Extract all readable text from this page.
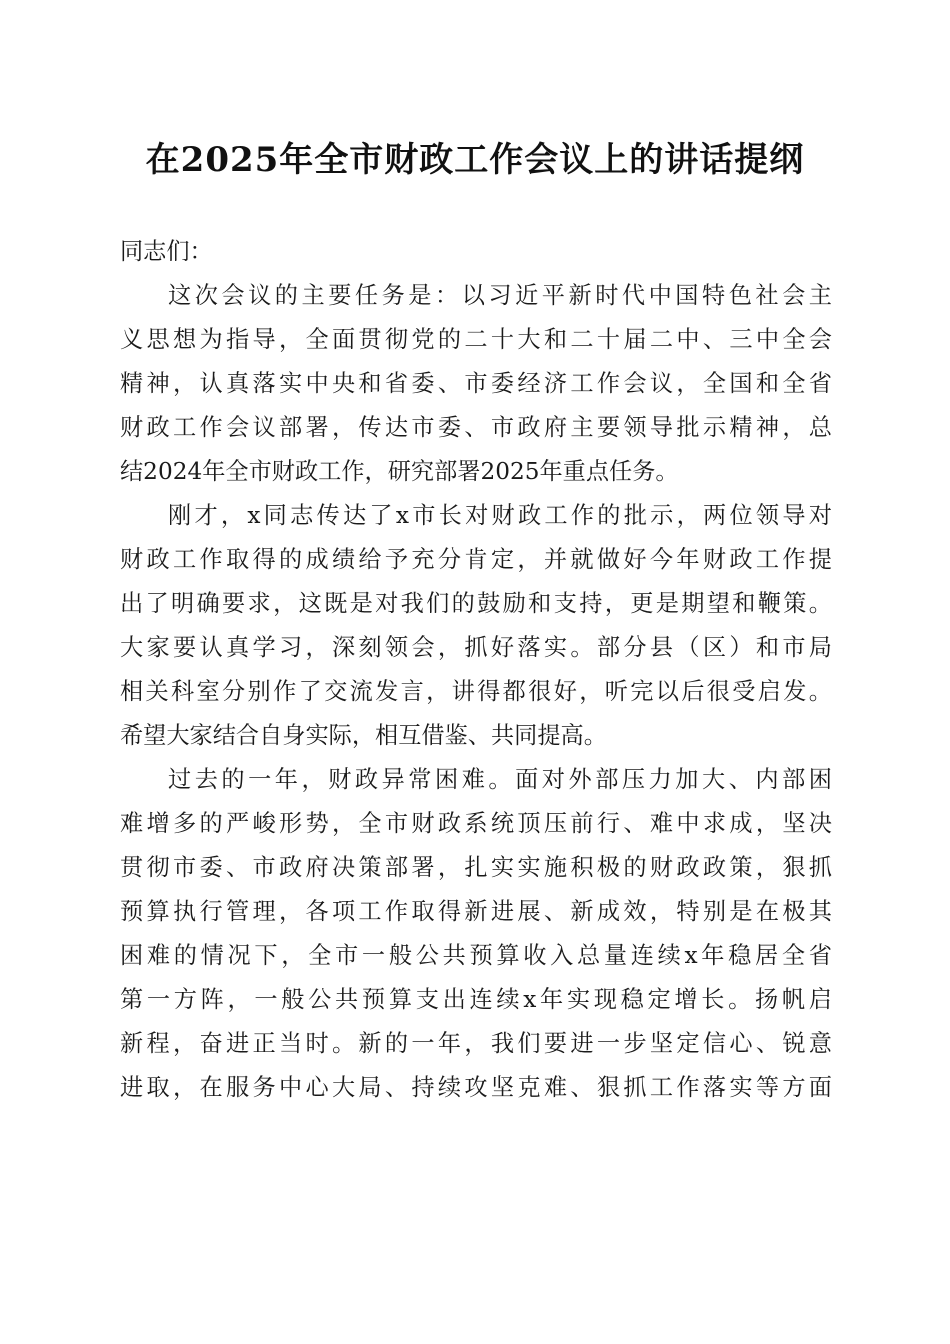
在2025年全市财政工作会议上的讲话提纲

同志们：

这次会议的主要任务是：以习近平新时代中国特色社会主
义思想为指导，全面贯彻党的二十大和二十届二中、三中全会
精神，认真落实中央和省委、市委经济工作会议，全国和全省
财政工作会议部署，传达市委、市政府主要领导批示精神，总
结2024年全市财政工作，研究部署2025年重点任务。
刚才，x同志传达了x市长对财政工作的批示，两位领导对
财政工作取得的成绩给予充分肯定，并就做好今年财政工作提
出了明确要求，这既是对我们的鼓励和支持，更是期望和鞭策。
大家要认真学习，深刻领会，抓好落实。部分县（区）和市局
相关科室分别作了交流发言，讲得都很好，听完以后很受启发。
希望大家结合自身实际，相互借鉴、共同提高。
过去的一年，财政异常困难。面对外部压力加大、内部困
难增多的严峻形势，全市财政系统顶压前行、难中求成，坚决
贯彻市委、市政府决策部署，扎实实施积极的财政政策，狠抓
预算执行管理，各项工作取得新进展、新成效，特别是在极其
困难的情况下，全市一般公共预算收入总量连续x年稳居全省
第一方阵，一般公共预算支出连续x年实现稳定增长。扬帆启
新程，奋进正当时。新的一年，我们要进一步坚定信心、锐意
进取，在服务中心大局、持续攻坚克难、狠抓工作落实等方面
